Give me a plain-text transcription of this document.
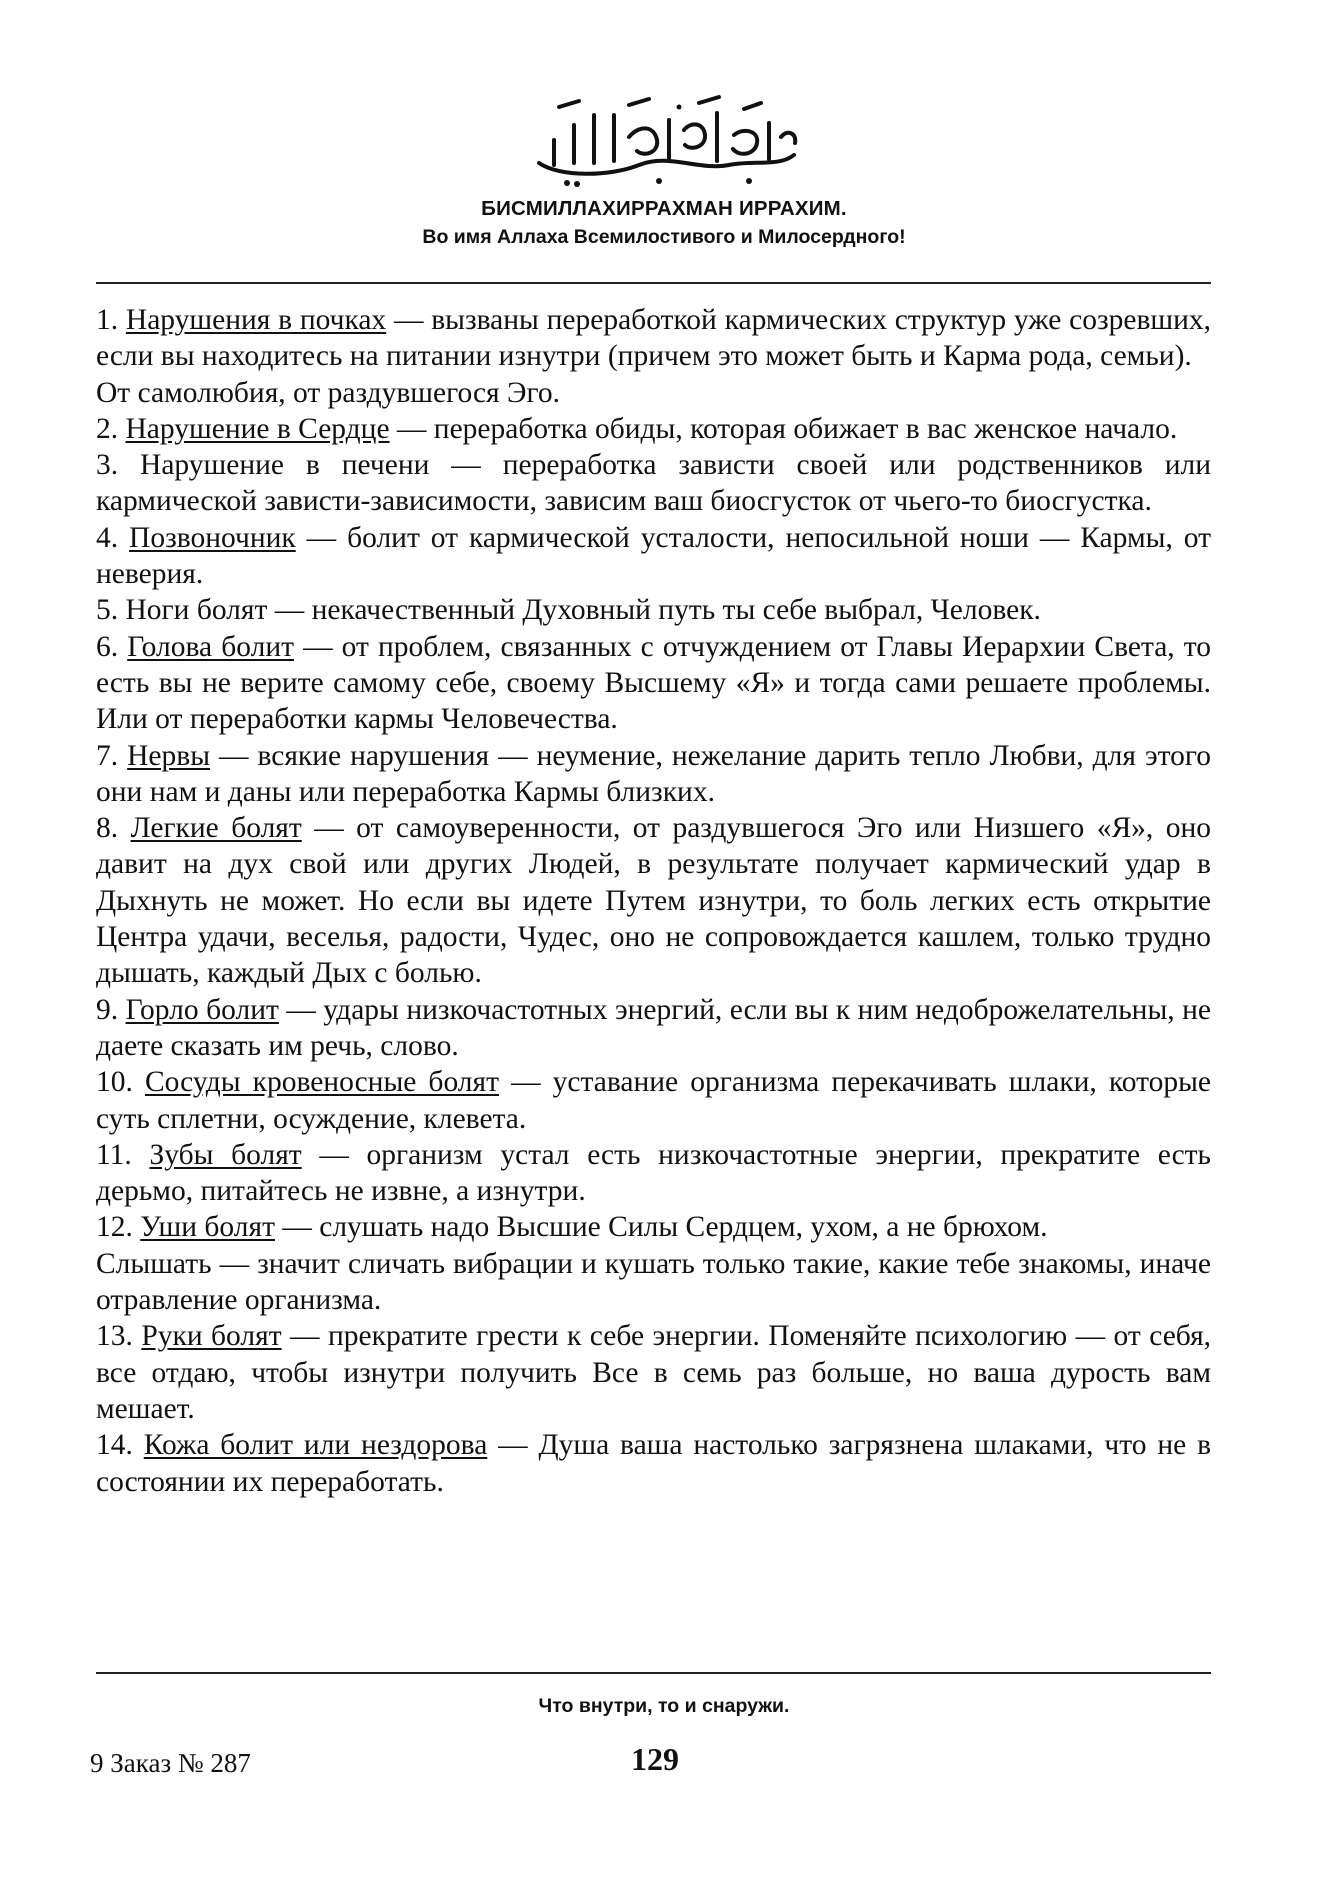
БИСМИЛЛАХИРРАХМАН ИРРАХИМ.
Во имя Аллаха Всемилостивого и Милосердного!

1. Нарушения в почках — вызваны переработкой кармических структур уже созревших, если вы находитесь на питании изнутри (причем это может быть и Карма рода, семьи).

От самолюбия, от раздувшегося Эго.

2. Нарушение в Сердце — переработка обиды, которая обижает в вас женское начало.

3. Нарушение в печени — переработка зависти своей или родственников или кармической зависти-зависимости, зависим ваш биосгусток от чьего-то биосгустка.

4. Позвоночник — болит от кармической усталости, непосильной ноши — Кармы, от неверия.

5. Ноги болят — некачественный Духовный путь ты себе выбрал, Человек.

6. Голова болит — от проблем, связанных с отчуждением от Главы Иерархии Света, то есть вы не верите самому себе, своему Высшему «Я» и тогда сами решаете проблемы. Или от переработки кармы Человечества.

7. Нервы — всякие нарушения — неумение, нежелание дарить тепло Любви, для этого они нам и даны или переработка Кармы близких.

8. Легкие болят — от самоуверенности, от раздувшегося Эго или Низшего «Я», оно давит на дух свой или других Людей, в результате получает кармический удар в Дыхнуть не может. Но если вы идете Путем изнутри, то боль легких есть открытие Центра удачи, веселья, радости, Чудес, оно не сопровождается кашлем, только трудно дышать, каждый Дых с болью.

9. Горло болит — удары низкочастотных энергий, если вы к ним недоброжелательны, не даете сказать им речь, слово.

10. Сосуды кровеносные болят — уставание организма перекачивать шлаки, которые суть сплетни, осуждение, клевета.

11. Зубы болят — организм устал есть низкочастотные энергии, прекратите есть дерьмо, питайтесь не извне, а изнутри.

12. Уши болят — слушать надо Высшие Силы Сердцем, ухом, а не брюхом.

Слышать — значит сличать вибрации и кушать только такие, какие тебе знакомы, иначе отравление организма.

13. Руки болят — прекратите грести к себе энергии. Поменяйте психологию — от себя, все отдаю, чтобы изнутри получить Все в семь раз больше, но ваша дурость вам мешает.

14. Кожа болит или нездорова — Душа ваша настолько загрязнена шлаками, что не в состоянии их переработать.

Что внутри, то и снаружи.
9 Заказ № 287	129
